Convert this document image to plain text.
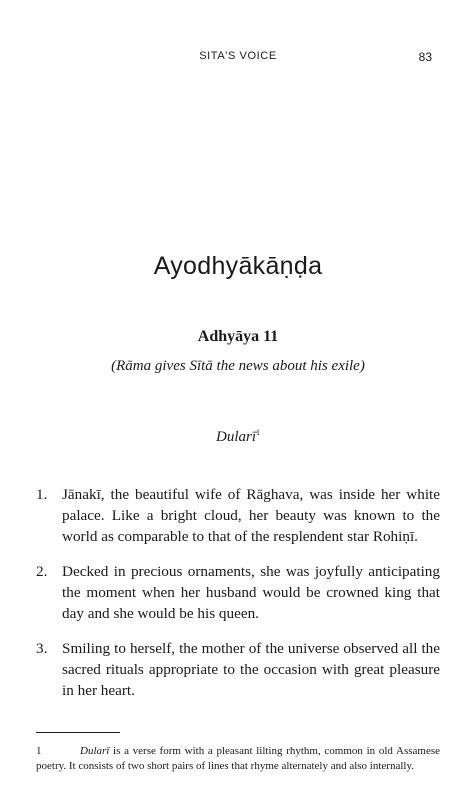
SITA'S VOICE	83
Ayodhyākāṇḍa
Adhyāya 11

(Rāma gives Sītā the news about his exile)

Dularī$^1$
1. Jānakī, the beautiful wife of Rāghava, was inside her white palace. Like a bright cloud, her beauty was known to the world as comparable to that of the resplendent star Rohiṇī.
2. Decked in precious ornaments, she was joyfully anticipating the moment when her husband would be crowned king that day and she would be his queen.
3. Smiling to herself, the mother of the universe observed all the sacred rituals appropriate to the occasion with great pleasure in her heart.
1	Dularī is a verse form with a pleasant lilting rhythm, common in old Assamese poetry. It consists of two short pairs of lines that rhyme alternately and also internally.
